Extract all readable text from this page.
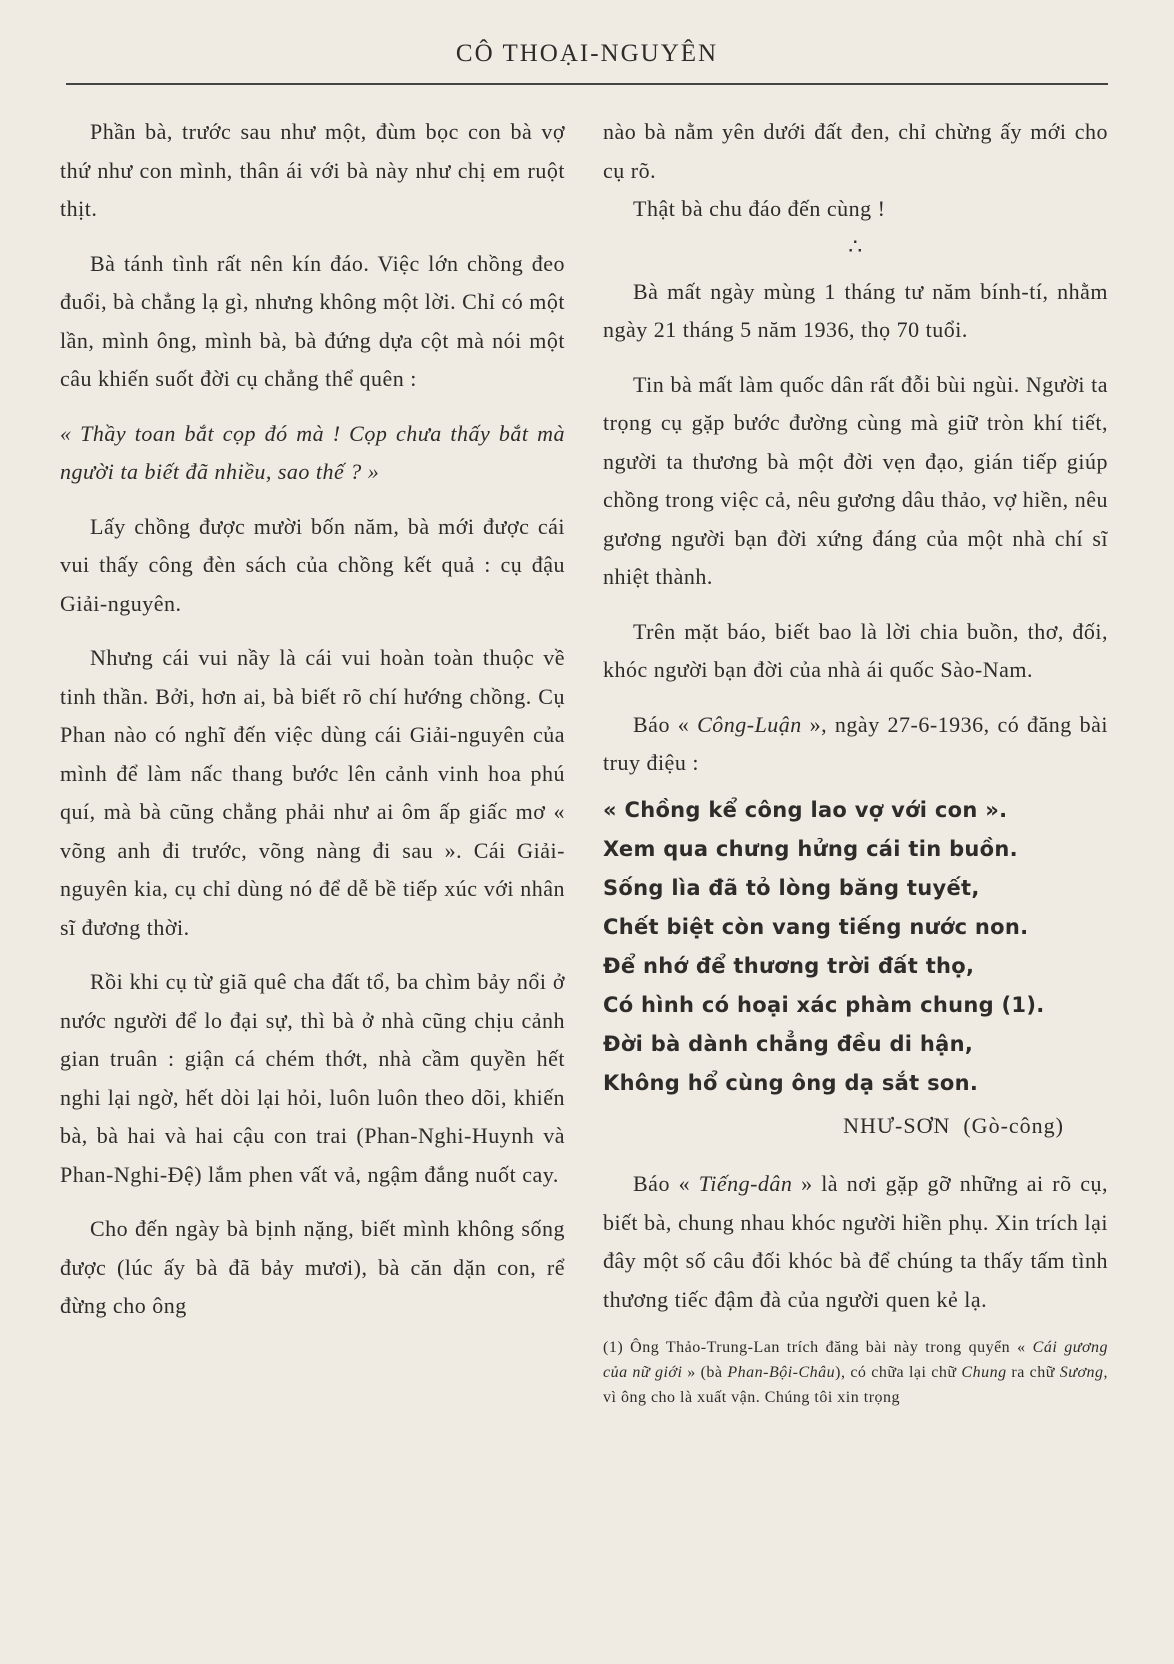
CÔ THOẠI-NGUYÊN

Phần bà, trước sau như một, đùm bọc con bà vợ thứ như con mình, thân ái với bà này như chị em ruột thịt.

Bà tánh tình rất nên kín đáo. Việc lớn chồng đeo đuổi, bà chẳng lạ gì, nhưng không một lời. Chỉ có một lần, mình ông, mình bà, bà đứng dựa cột mà nói một câu khiến suốt đời cụ chẳng thể quên :

« Thầy toan bắt cọp đó mà ! Cọp chưa thấy bắt mà người ta biết đã nhiều, sao thế ? »

Lấy chồng được mười bốn năm, bà mới được cái vui thấy công đèn sách của chồng kết quả : cụ đậu Giải-nguyên.

Nhưng cái vui nầy là cái vui hoàn toàn thuộc về tinh thần. Bởi, hơn ai, bà biết rõ chí hướng chồng. Cụ Phan nào có nghĩ đến việc dùng cái Giải-nguyên của mình để làm nấc thang bước lên cảnh vinh hoa phú quí, mà bà cũng chẳng phải như ai ôm ấp giấc mơ « võng anh đi trước, võng nàng đi sau ». Cái Giải-nguyên kia, cụ chỉ dùng nó để dễ bề tiếp xúc với nhân sĩ đương thời.

Rồi khi cụ từ giã quê cha đất tổ, ba chìm bảy nổi ở nước người để lo đại sự, thì bà ở nhà cũng chịu cảnh gian truân : giận cá chém thớt, nhà cầm quyền hết nghi lại ngờ, hết dòi lại hỏi, luôn luôn theo dõi, khiến bà, bà hai và hai cậu con trai (Phan-Nghi-Huynh và Phan-Nghi-Đệ) lắm phen vất vả, ngậm đắng nuốt cay.

Cho đến ngày bà bịnh nặng, biết mình không sống được (lúc ấy bà đã bảy mươi), bà căn dặn con, rể đừng cho ông

nào bà nằm yên dưới đất đen, chỉ chừng ấy mới cho cụ rõ.

Thật bà chu đáo đến cùng !

∴

Bà mất ngày mùng 1 tháng tư năm bính-tí, nhằm ngày 21 tháng 5 năm 1936, thọ 70 tuổi.

Tin bà mất làm quốc dân rất đỗi bùi ngùi. Người ta trọng cụ gặp bước đường cùng mà giữ tròn khí tiết, người ta thương bà một đời vẹn đạo, gián tiếp giúp chồng trong việc cả, nêu gương dâu thảo, vợ hiền, nêu gương người bạn đời xứng đáng của một nhà chí sĩ nhiệt thành.

Trên mặt báo, biết bao là lời chia buồn, thơ, đối, khóc người bạn đời của nhà ái quốc Sào-Nam.

Báo « Công-Luận », ngày 27-6-1936, có đăng bài truy điệu :

« Chồng kể công lao vợ với con ».
Xem qua chưng hửng cái tin buồn.
Sống lìa đã tỏ lòng băng tuyết,
Chết biệt còn vang tiếng nước non.
Để nhớ để thương trời đất thọ,
Có hình có hoại xác phàm chung (1).
Đời bà dành chẳng đều di hận,
Không hổ cùng ông dạ sắt son.
NHƯ-SƠN (Gò-công)

Báo « Tiếng-dân » là nơi gặp gỡ những ai rõ cụ, biết bà, chung nhau khóc người hiền phụ. Xin trích lại đây một số câu đối khóc bà để chúng ta thấy tấm tình thương tiếc đậm đà của người quen kẻ lạ.

(1) Ông Thảo-Trung-Lan trích đăng bài này trong quyển « Cái gương của nữ giới » (bà Phan-Bội-Châu), có chữa lại chữ Chung ra chữ Sương, vì ông cho là xuất vận. Chúng tôi xin trọng
